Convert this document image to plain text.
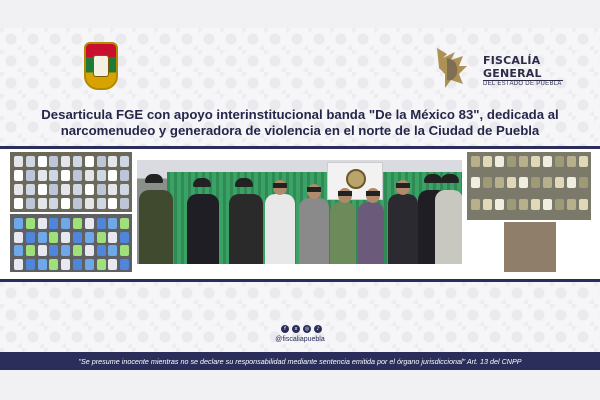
FISCALÍA
GENERAL
DEL ESTADO DE PUEBLA
Desarticula FGE con apoyo interinstitucional banda "De la México 83", dedicada al narcomenudeo y generadora de violencia en el norte de la Ciudad de Puebla
f	x	◎	♪
@fiscaliapuebla
"Se presume inocente mientras no se declare su responsabilidad mediante sentencia emitida por el órgano jurisdiccional" Art. 13 del CNPP
